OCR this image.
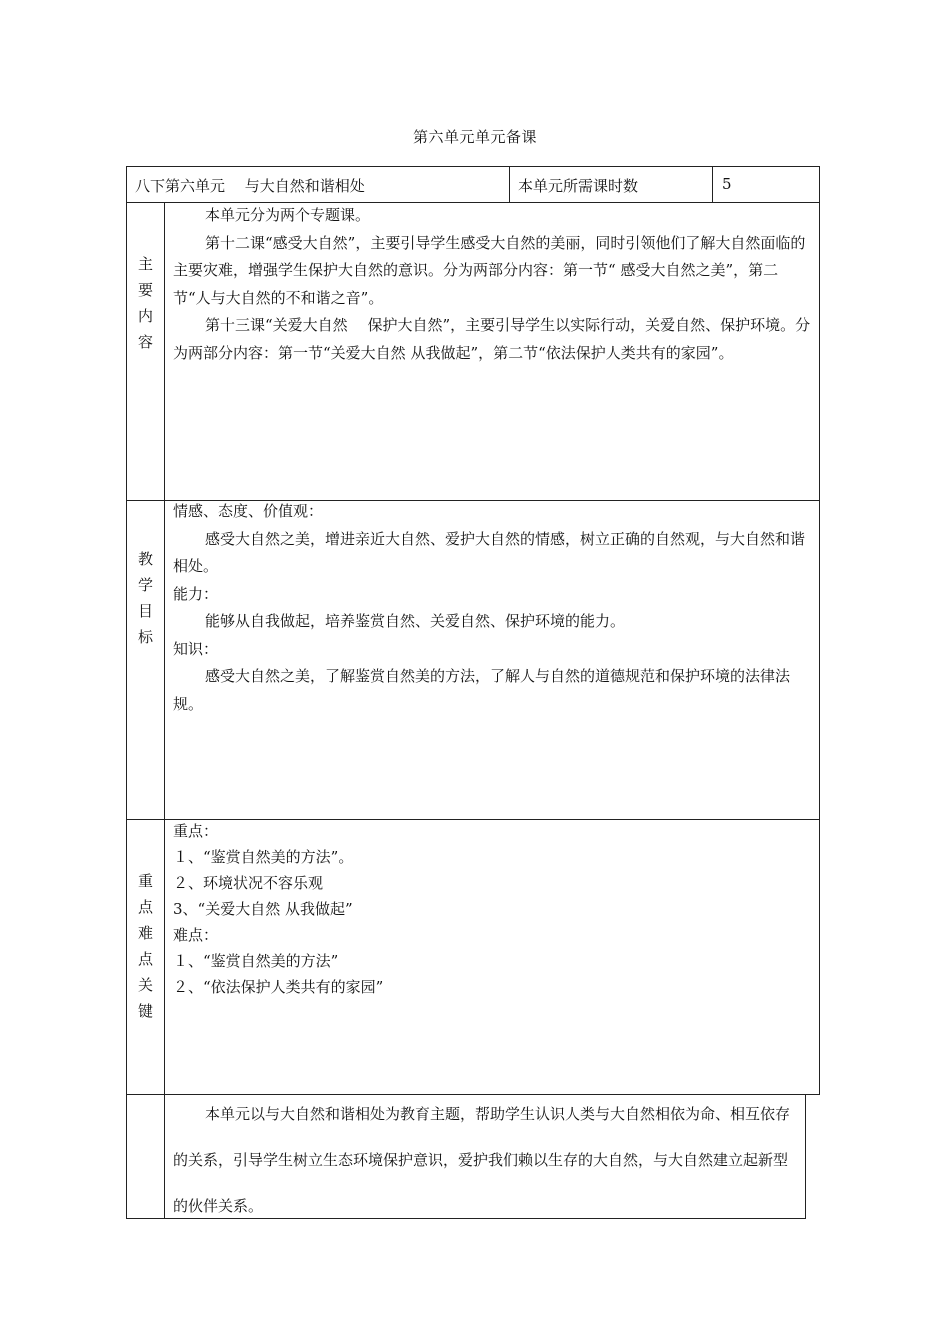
第六单元单元备课
八下第六单元　 与大自然和谐相处	本单元所需课时数	5
主
要
内
容

本单元分为两个专题课。

第十二课“感受大自然”，主要引导学生感受大自然的美丽，同时引领他们了解大自然面临的主要灾难，增强学生保护大自然的意识。分为两部分内容：第一节“ 感受大自然之美”，第二节“人与大自然的不和谐之音”。

第十三课“关爱大自然　 保护大自然”，主要引导学生以实际行动，关爱自然、保护环境。分为两部分内容：第一节“关爱大自然 从我做起”，第二节“依法保护人类共有的家园”。

教
学
目
标

情感、态度、价值观：

感受大自然之美，增进亲近大自然、爱护大自然的情感，树立正确的自然观，与大自然和谐相处。

能力：

能够从自我做起，培养鉴赏自然、关爱自然、保护环境的能力。

知识：

感受大自然之美，了解鉴赏自然美的方法，了解人与自然的道德规范和保护环境的法律法规。

重
点
难
点
关
键

重点：

１、“鉴赏自然美的方法”。

２、环境状况不容乐观

3、“关爱大自然 从我做起”

难点：

１、“鉴赏自然美的方法”

２、“依法保护人类共有的家园”

本单元以与大自然和谐相处为教育主题，帮助学生认识人类与大自然相依为命、相互依存的关系，引导学生树立生态环境保护意识，爱护我们赖以生存的大自然，与大自然建立起新型的伙伴关系。
